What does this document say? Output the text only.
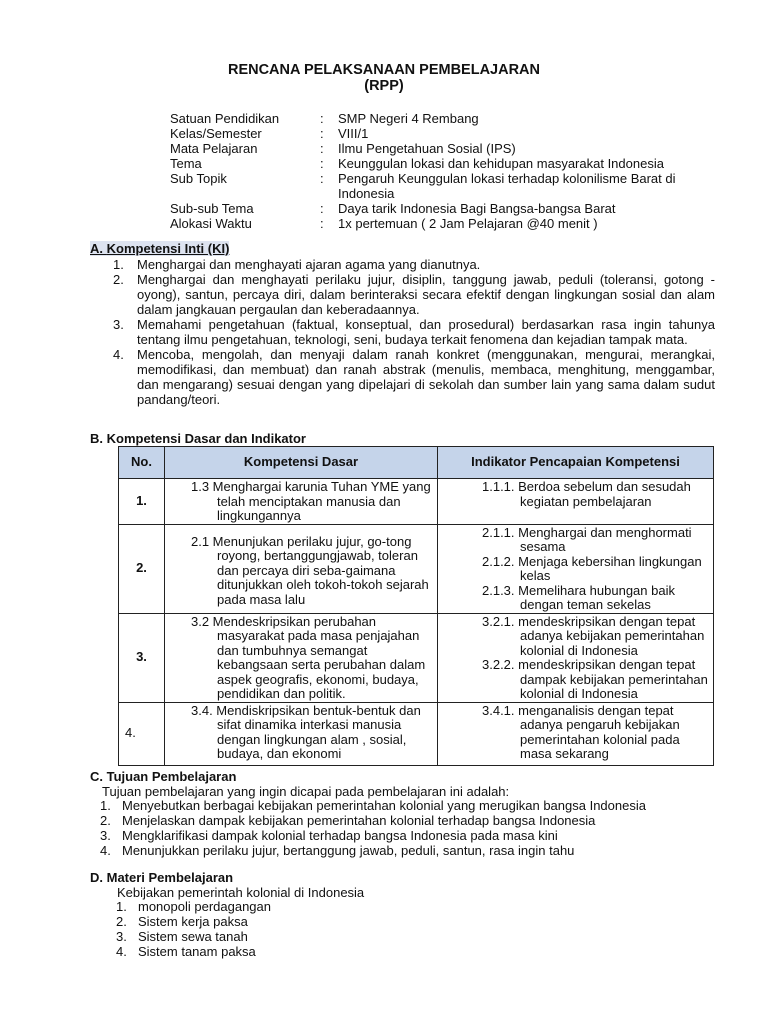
RENCANA PELAKSANAAN PEMBELAJARAN
(RPP)
Satuan Pendidikan	:	SMP Negeri 4 Rembang
Kelas/Semester	:	VIII/1
Mata Pelajaran	:	Ilmu Pengetahuan Sosial (IPS)
Tema	:	Keunggulan lokasi dan kehidupan masyarakat Indonesia
Sub Topik	:	Pengaruh Keunggulan lokasi terhadap kolonilisme Barat di Indonesia
Sub-sub Tema	:	Daya tarik Indonesia Bagi Bangsa-bangsa Barat
Alokasi Waktu	:	1x pertemuan ( 2 Jam Pelajaran @40 menit )
A. Kompetensi Inti (KI)
1. Menghargai dan menghayati ajaran agama yang dianutnya.
2. Menghargai dan menghayati perilaku jujur, disiplin, tanggung jawab, peduli (toleransi, gotong -oyong), santun, percaya diri, dalam berinteraksi secara efektif dengan lingkungan sosial dan alam dalam jangkauan pergaulan dan keberadaannya.
3. Memahami pengetahuan (faktual, konseptual, dan prosedural) berdasarkan rasa ingin tahunya tentang ilmu pengetahuan, teknologi, seni, budaya terkait fenomena dan kejadian tampak mata.
4. Mencoba, mengolah, dan menyaji dalam ranah konkret (menggunakan, mengurai, merangkai, memodifikasi, dan membuat) dan ranah abstrak (menulis, membaca, menghitung, menggambar, dan mengarang) sesuai dengan yang dipelajari di sekolah dan sumber lain yang sama dalam sudut pandang/teori.
B. Kompetensi Dasar dan Indikator
No.	Kompetensi Dasar	Indikator Pencapaian Kompetensi
1.	1.3 Menghargai karunia Tuhan YME yang telah menciptakan manusia dan lingkungannya	1.1.1. Berdoa sebelum dan sesudah kegiatan pembelajaran

2.	2.1 Menunjukan perilaku jujur, go-tong royong, bertanggungjawab, toleran dan percaya diri seba-gaimana ditunjukkan oleh tokoh-tokoh sejarah pada masa lalu	2.1.1. Menghargai dan menghormati sesama
2.1.2. Menjaga kebersihan lingkungan kelas
2.1.3. Memelihara hubungan baik dengan teman sekelas

3.	3.2 Mendeskripsikan perubahan masyarakat pada masa penjajahan dan tumbuhnya semangat kebangsaan serta perubahan dalam aspek geografis, ekonomi, budaya, pendidikan dan politik.	3.2.1. mendeskripsikan dengan tepat adanya kebijakan pemerintahan kolonial di Indonesia
3.2.2. mendeskripsikan dengan tepat dampak kebijakan pemerintahan kolonial di Indonesia

4.	3.4. Mendiskripsikan bentuk-bentuk dan sifat dinamika interkasi manusia dengan lingkungan alam , sosial, budaya, dan ekonomi	3.4.1. menganalisis dengan tepat adanya pengaruh kebijakan pemerintahan kolonial pada masa sekarang
C. Tujuan Pembelajaran
Tujuan pembelajaran yang ingin dicapai pada pembelajaran ini adalah:
1. Menyebutkan berbagai kebijakan pemerintahan kolonial yang merugikan bangsa Indonesia
2. Menjelaskan dampak kebijakan pemerintahan kolonial terhadap bangsa Indonesia
3. Mengklarifikasi dampak kolonial terhadap bangsa Indonesia pada masa kini
4. Menunjukkan perilaku jujur, bertanggung jawab, peduli, santun, rasa ingin tahu
D. Materi Pembelajaran
Kebijakan pemerintah kolonial di Indonesia
1. monopoli perdagangan
2. Sistem kerja paksa
3. Sistem sewa tanah
4. Sistem tanam paksa
